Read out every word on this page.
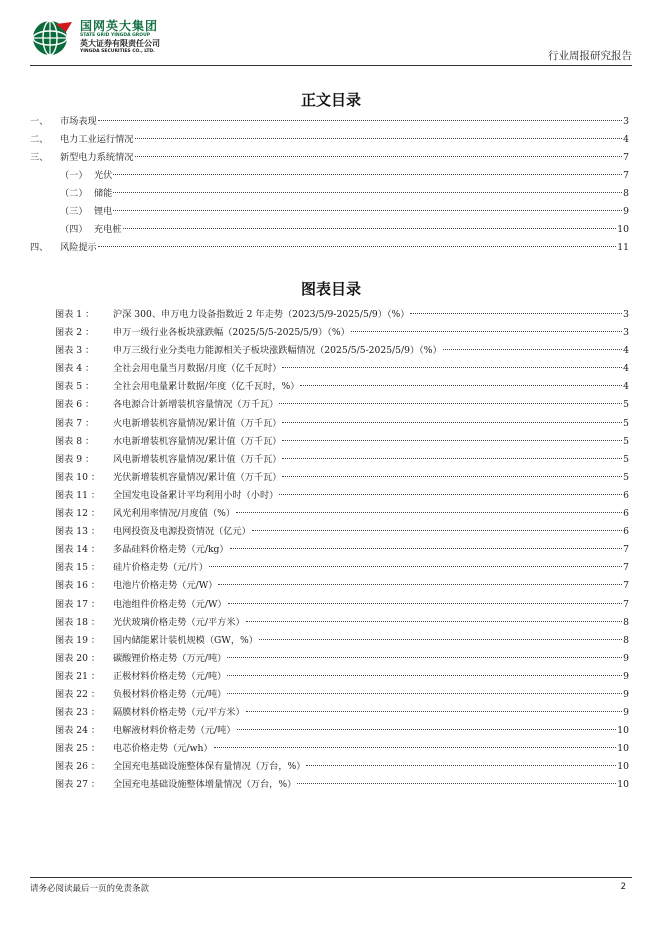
国网英大集团
STATE GRID YINGDA GROUP
英大证券有限责任公司
YINGDA SECURITIES CO., LTD.	行业周报研究报告
正文目录
一、	市场表现	3
二、	电力工业运行情况	4
三、	新型电力系统情况	7
（一） 光伏	7
（二） 储能	8
（三） 锂电	9
（四） 充电桩	10
四、	风险提示	11
图表目录
图表 1 ：	沪深 300、申万电力设备指数近 2 年走势（2023/5/9-2025/5/9）（%）	3
图表 2 ：	申万一级行业各板块涨跌幅（2025/5/5-2025/5/9）（%）	3
图表 3 ：	申万三级行业分类电力能源相关子板块涨跌幅情况（2025/5/5-2025/5/9）（%）	4
图表 4 ：	全社会用电量当月数据/月度（亿千瓦时）	4
图表 5 ：	全社会用电量累计数据/年度（亿千瓦时，%）	4
图表 6 ：	各电源合计新增装机容量情况（万千瓦）	5
图表 7 ：	火电新增装机容量情况/累计值（万千瓦）	5
图表 8 ：	水电新增装机容量情况/累计值（万千瓦）	5
图表 9 ：	风电新增装机容量情况/累计值（万千瓦）	5
图表 10 ：	光伏新增装机容量情况/累计值（万千瓦）	5
图表 11 ：	全国发电设备累计平均利用小时（小时）	6
图表 12 ：	风光利用率情况/月度值（%）	6
图表 13 ：	电网投资及电源投资情况（亿元）	6
图表 14 ：	多晶硅料价格走势（元/kg）	7
图表 15 ：	硅片价格走势（元/片）	7
图表 16 ：	电池片价格走势（元/W）	7
图表 17 ：	电池组件价格走势（元/W）	7
图表 18 ：	光伏玻璃价格走势（元/平方米）	8
图表 19 ：	国内储能累计装机规模（GW，%）	8
图表 20 ：	碳酸锂价格走势（万元/吨）	9
图表 21 ：	正极材料价格走势（元/吨）	9
图表 22 ：	负极材料价格走势（元/吨）	9
图表 23 ：	隔膜材料价格走势（元/平方米）	9
图表 24 ：	电解液材料价格走势（元/吨）	10
图表 25 ：	电芯价格走势（元/wh）	10
图表 26 ：	全国充电基础设施整体保有量情况（万台，%）	10
图表 27 ：	全国充电基础设施整体增量情况（万台，%）	10
请务必阅读最后一页的免责条款	2
